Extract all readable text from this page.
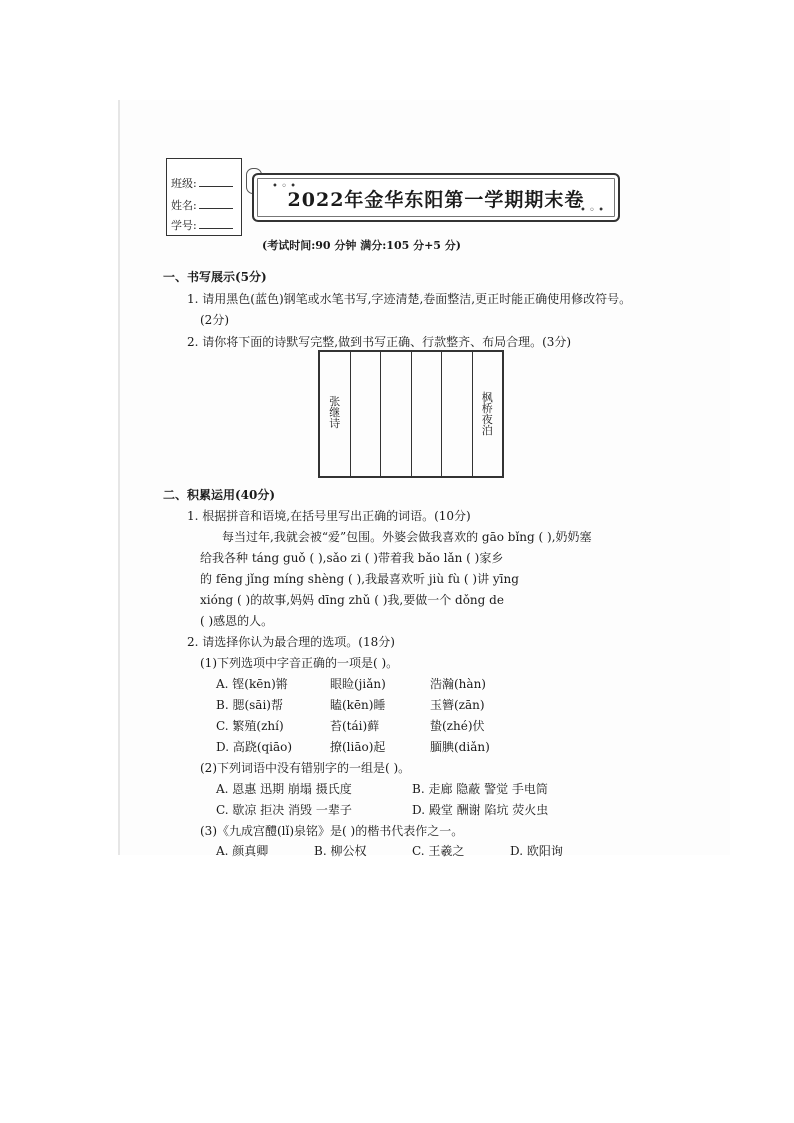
班级:
姓名:
学号:
• ◦ •
2022年金华东阳第一学期期末卷
• ◦ •
(考试时间:90 分钟 满分:105 分+5 分)
一、书写展示(5分)
1. 请用黑色(蓝色)钢笔或水笔书写,字迹清楚,卷面整洁,更正时能正确使用修改符号。
(2分)
2. 请你将下面的诗默写完整,做到书写正确、行款整齐、布局合理。(3分)
张继诗
枫桥夜泊
二、积累运用(40分)
1. 根据拼音和语境,在括号里写出正确的词语。(10分)
每当过年,我就会被“爱”包围。外婆会做我喜欢的 gāo bǐng ( ),奶奶塞
给我各种 táng guǒ ( ),sǎo zi ( )带着我 bǎo lǎn ( )家乡
的 fēng jǐng míng shèng ( ),我最喜欢听 jiù fù ( )讲 yīng
xióng ( )的故事,妈妈 dīng zhǔ ( )我,要做一个 dǒng de
( )感恩的人。
2. 请选择你认为最合理的选项。(18分)
(1)下列选项中字音正确的一项是( )。
A. 铿(kēn)锵	眼睑(jiǎn)	浩瀚(hàn)
B. 腮(sāi)帮	瞌(kēn)睡	玉簪(zān)
C. 繁殖(zhí)	苔(tái)藓	蛰(zhé)伏
D. 高跷(qiāo)	撩(liāo)起	腼腆(diǎn)
(2)下列词语中没有错别字的一组是( )。
A. 恩惠 迅期 崩塌 摄氏度	B. 走廊 隐蔽 警觉 手电筒
C. 歇凉 拒决 消毁 一辈子	D. 殿堂 酬谢 陷坑 荧火虫
(3)《九成宫醴(lǐ)泉铭》是( )的楷书代表作之一。
A. 颜真卿	B. 柳公权	C. 王羲之	D. 欧阳询
